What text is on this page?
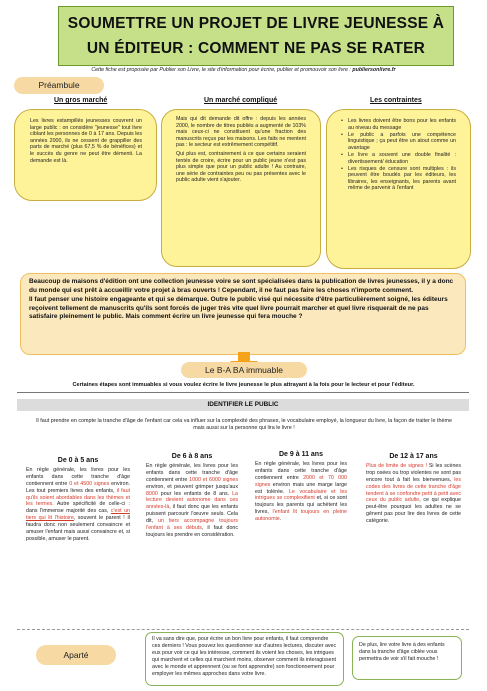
SOUMETTRE UN PROJET DE LIVRE JEUNESSE À
UN ÉDITEUR : COMMENT NE PAS SE RATER
Cette fiche est proposée par Publier son Livre, le site d'information pour écrire, publier et promouvoir son livre : publiersonlivre.fr
Préambule
Un gros marché	Un marché compliqué	Les contraintes
Les livres estampillés jeunesses couvrent un large public : on considère "jeunesse" tout livre ciblant les personnes de 0 à 17 ans. Depuis les années 2000, ils ne cessent de grappiller des parts de marché (plus 67,5 % de bénéfices) et le succès du genre ne peut être démenti. La demande est là.

Mais qui dit demande dit offre : depuis les années 2000, le nombre de titres publiés a augmenté de 103% mais ceux-ci ne constituent qu'une fraction des manuscrits reçus par les maisons. Les faits ne mentent pas : le secteur est extrêmement compétitif.

Qui plus est, contrairement à ce que certains seraient tentés de croire, écrire pour un public jeune n'est pas plus simple que pour un public adulte ! Au contraire, une série de contraintes peu ou pas présentes avec le public adulte vient s'ajouter.

• Les livres doivent être bons pour les enfants au niveau du message
• Le public a parfois une compétence linguistique ; ça peut être un atout comme un avantage
• Le livre a souvent une double finalité : divertissement/ éducation
• Les risques de censure sont multiples : ils peuvent être boudés par les éditeurs, les libraires, les enseignants, les parents avant même de parvenir à l'enfant

Beaucoup de maisons d'édition ont une collection jeunesse voire se sont spécialisées dans la publication de livres jeunesses, il y a donc du monde qui est prêt à accueillir votre projet à bras ouverts ! Cependant, il ne faut pas faire les choses n'importe comment.

Il faut penser une histoire engageante et qui se démarque. Outre le public visé qui nécessite d'être particulièrement soigné, les éditeurs reçoivent tellement de manuscrits qu'ils sont forcés de juger très vite quel livre pourrait marcher et quel livre risquerait de ne pas satisfaire pleinement le public. Mais comment écrire un livre jeunesse qui fera mouche ?

Le B-A BA immuable
Certaines étapes sont immuables si vous voulez écrire le livre jeunesse le plus attrayant à la fois pour le lecteur et pour l'éditeur.
IDENTIFIER LE PUBLIC
Il faut prendre en compte la tranche d'âge de l'enfant car cela va influer sur la complexité des phrases, le vocabulaire employé, la longueur du livre, la façon de traiter le thème mais aussi sur la personne qui lira le livre !
De 0 à 5 ans
En règle générale, les livres pour les enfants dans cette tranche d'âge contiennent entre 0 et 4500 signes environ. Les tout premiers livres des enfants, il faut qu'ils soient abordables dans les thèmes et les termes. Autre spécificité de celle-ci : dans l'immense majorité des cas, c'est un tiers qui lit l'histoire, souvent le parent ! Il faudra donc non seulement convaincre et amuser l'enfant mais aussi convaincre et, si possible, amuser le parent.
De 6 à 8 ans
En règle générale, les livres pour les enfants dans cette tranche d'âge contiennent entre 1000 et 6000 signes environ, et peuvent grimper jusqu'aux 8000 pour les enfants de 8 ans. La lecture devient autonome dans ces années-là, il faut donc que les enfants puissent parcourir l'œuvre seuls. Cela dit, un tiers accompagne toujours l'enfant à ses débuts, il faut donc toujours les prendre en considération.
De 9 à 11 ans
En règle générale, les livres pour les enfants dans cette tranche d'âge contiennent entre 2000 et 70 000 signes environ mais une marge large est tolérée. Le vocabulaire et les intrigues se complexifient et, si ce sont toujours les parents qui achètent les livres, l'enfant lit toujours en pleine autonomie.
De 12 à 17 ans
Plus de limite de signes ! Si les scènes trop osées ou trop violentes ne sont pas encore tout à fait les bienvenues, les codes des livres de cette tranche d'âge tendent à se confondre petit à petit avec ceux du public adulte, ce qui explique peut-être pourquoi les adultes ne se gênent pas pour lire des livres de cette catégorie.
Aparté
Il va sans dire que, pour écrire un bon livre pour enfants, il faut comprendre ces derniers ! Vous pouvez les questionner sur d'autres lectures, discuter avec eux pour voir ce qui les intéresse, comment ils voient les choses, les intrigues qui marchent et celles qui marchent moins, observer comment ils interagissent avec le monde et apprennent (ou se font apprendre) son fonctionnement pour employer les mêmes approches dans votre livre.
De plus, lire votre livre à des enfants dans la tranche d'âge ciblée vous permettra de voir s'il fait mouche !
